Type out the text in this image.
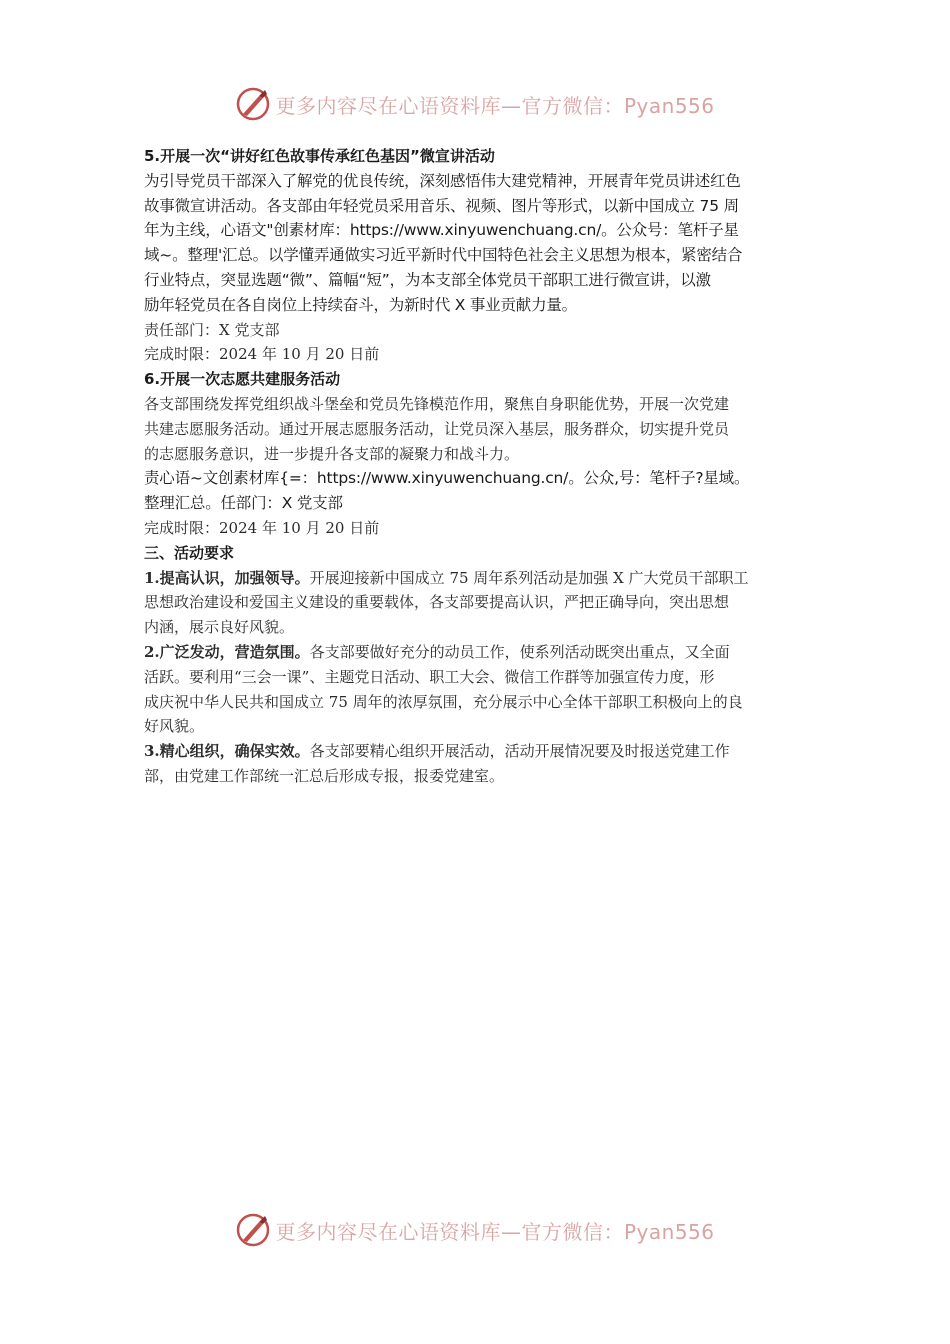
更多内容尽在心语资料库—官方微信：Pyan556
5.开展一次“讲好红色故事传承红色基因”微宣讲活动
为引导党员干部深入了解党的优良传统，深刻感悟伟大建党精神，开展青年党员讲述红色
故事微宣讲活动。各支部由年轻党员采用音乐、视频、图片等形式，以新中国成立 75 周
年为主线，心语文"创素材库：https://www.xinyuwenchuang.cn/。公众号：笔杆子星
域~。整理'汇总。以学懂弄通做实习近平新时代中国特色社会主义思想为根本，紧密结合
行业特点，突显选题“微”、篇幅“短”，为本支部全体党员干部职工进行微宣讲，以激
励年轻党员在各自岗位上持续奋斗，为新时代 X 事业贡献力量。
责任部门：X 党支部
完成时限：2024 年 10 月 20 日前
6.开展一次志愿共建服务活动
各支部围绕发挥党组织战斗堡垒和党员先锋模范作用，聚焦自身职能优势，开展一次党建
共建志愿服务活动。通过开展志愿服务活动，让党员深入基层，服务群众，切实提升党员
的志愿服务意识，进一步提升各支部的凝聚力和战斗力。
责心语~文创素材库{=：https://www.xinyuwenchuang.cn/。公众,号：笔杆子?星域。
整理汇总。任部门：X 党支部
完成时限：2024 年 10 月 20 日前
三、活动要求
1.提高认识，加强领导。开展迎接新中国成立 75 周年系列活动是加强 X 广大党员干部职工
思想政治建设和爱国主义建设的重要载体，各支部要提高认识，严把正确导向，突出思想
内涵，展示良好风貌。
2.广泛发动，营造氛围。各支部要做好充分的动员工作，使系列活动既突出重点，又全面
活跃。要利用“三会一课”、主题党日活动、职工大会、微信工作群等加强宣传力度，形
成庆祝中华人民共和国成立 75 周年的浓厚氛围，充分展示中心全体干部职工积极向上的良
好风貌。
3.精心组织，确保实效。各支部要精心组织开展活动，活动开展情况要及时报送党建工作
部，由党建工作部统一汇总后形成专报，报委党建室。
更多内容尽在心语资料库—官方微信：Pyan556
